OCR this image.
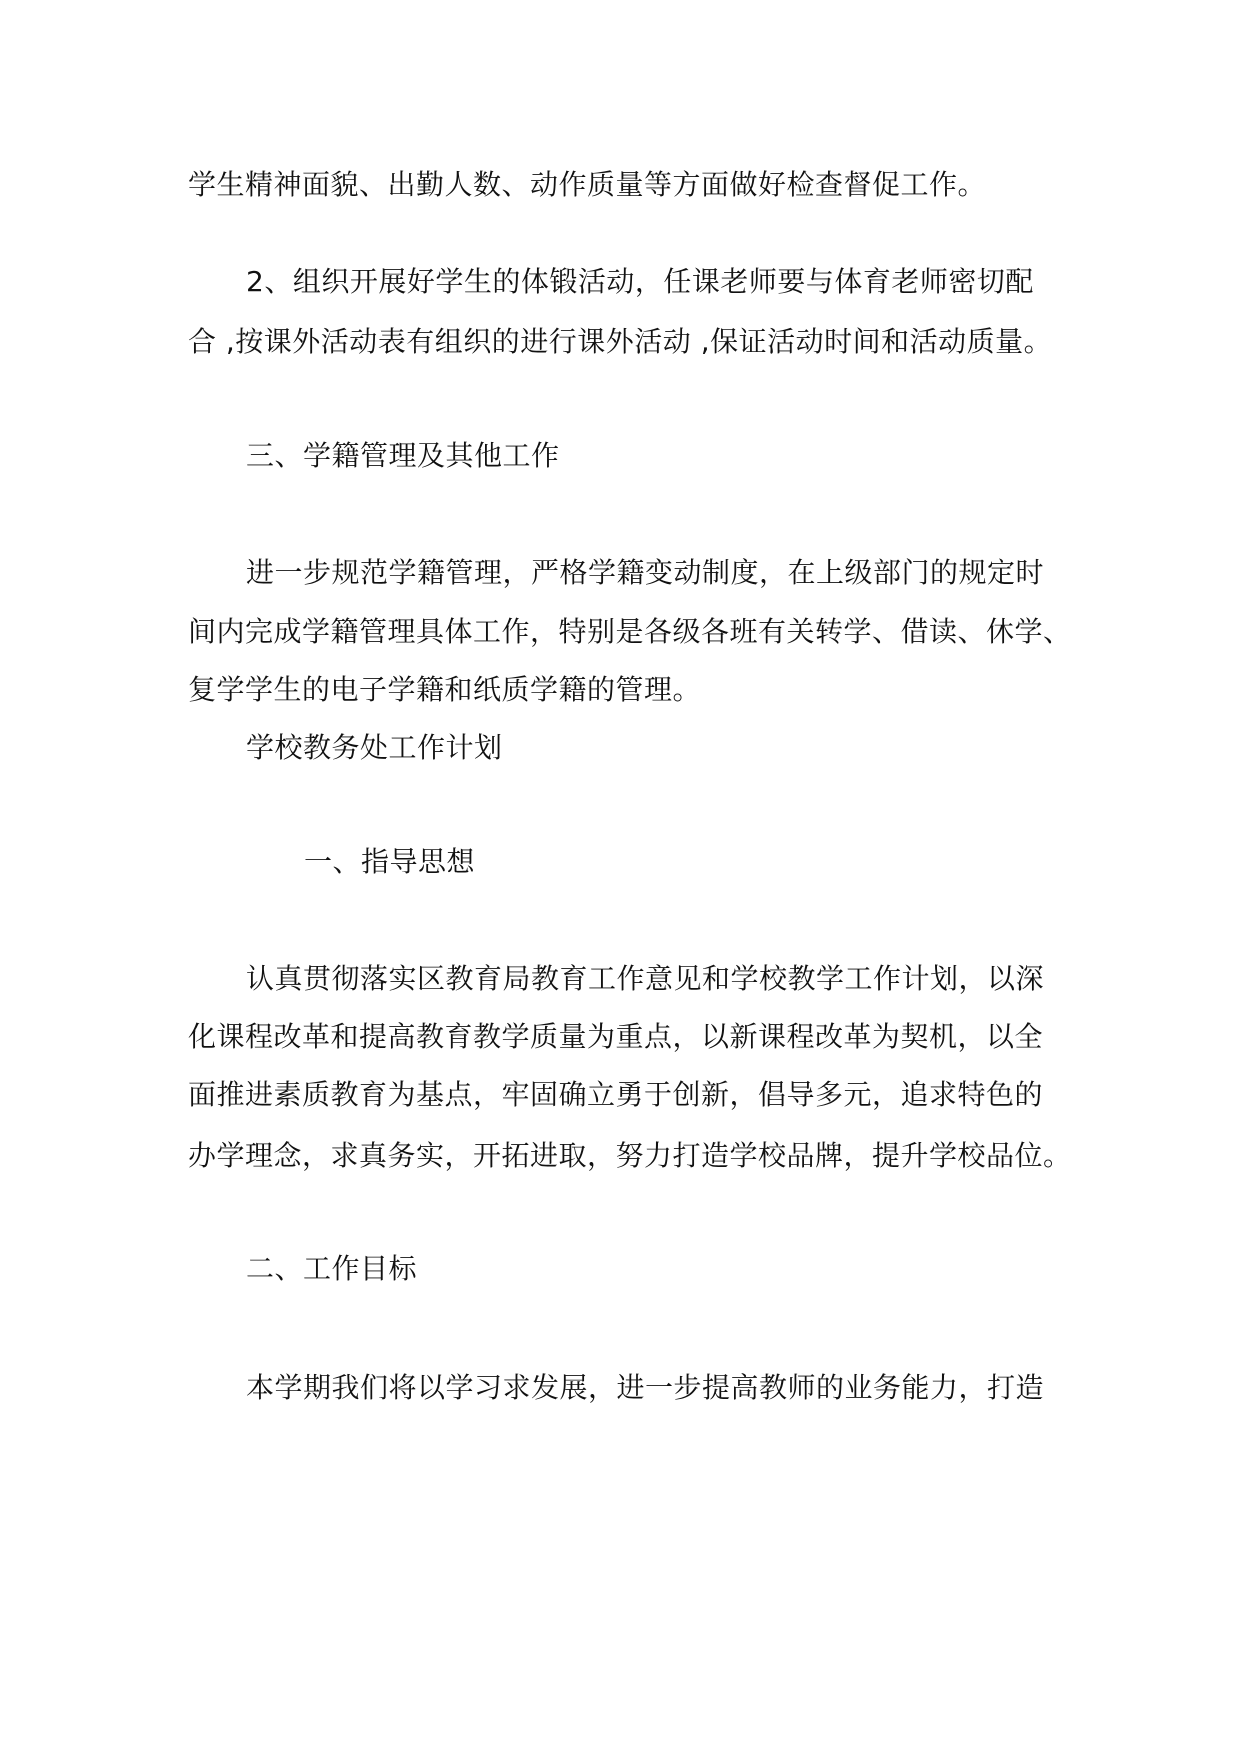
学生精神面貌、出勤人数、动作质量等方面做好检查督促工作。
2、组织开展好学生的体锻活动，任课老师要与体育老师密切配
合 ,按课外活动表有组织的进行课外活动 ,保证活动时间和活动质量。
三、学籍管理及其他工作
进一步规范学籍管理，严格学籍变动制度，在上级部门的规定时
间内完成学籍管理具体工作，特别是各级各班有关转学、借读、休学、
复学学生的电子学籍和纸质学籍的管理。
学校教务处工作计划
一、指导思想
认真贯彻落实区教育局教育工作意见和学校教学工作计划，以深
化课程改革和提高教育教学质量为重点，以新课程改革为契机，以全
面推进素质教育为基点，牢固确立勇于创新，倡导多元，追求特色的
办学理念，求真务实，开拓进取，努力打造学校品牌，提升学校品位。
二、工作目标
本学期我们将以学习求发展，进一步提高教师的业务能力，打造
